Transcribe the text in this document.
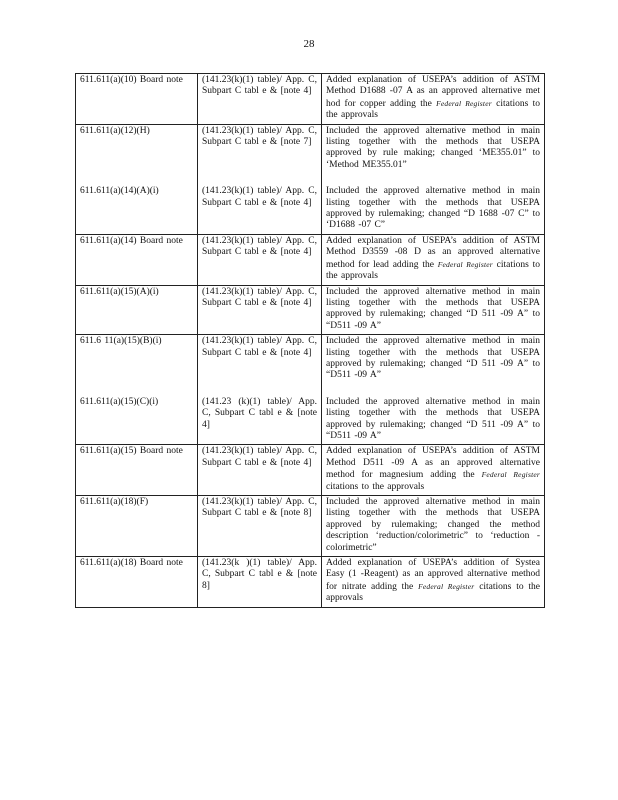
28
611.611(a)(10) Board note	(141.23(k)(1) table)/ App. C, Subpart C tabl e & [note 4]	Added explanation of USEPA’s addition of ASTM Method D1688 -07 A as an approved alternative met hod for copper adding the Federal Register citations to the approvals
611.611(a)(12)(H)	(141.23(k)(1) table)/ App. C, Subpart C tabl e & [note 7]	Included the approved alternative method in main listing together with the methods that USEPA approved by rule making; changed ‘ME355.01” to ‘Method ME355.01”

611.611(a)(14)(A)(i)	(141.23(k)(1) table)/ App. C, Subpart C tabl e & [note 4]	Included the approved alternative method in main listing together with the methods that USEPA approved by rulemaking; changed “D 1688 -07 C” to ‘D1688 -07 C”
611.611(a)(14) Board note	(141.23(k)(1) table)/ App. C, Subpart C tabl e & [note 4]	Added explanation of USEPA’s addition of ASTM Method D3559 -08 D as an approved alternative method for lead adding the Federal Register citations to the approvals
611.611(a)(15)(A)(i)	(141.23(k)(1) table)/ App. C, Subpart C tabl e & [note 4]	Included the approved alternative method in main listing together with the methods that USEPA approved by rulemaking; changed “D 511 -09 A” to “D511 -09 A”
611.6 11(a)(15)(B)(i)	(141.23(k)(1) table)/ App. C, Subpart C tabl e & [note 4]	Included the approved alternative method in main listing together with the methods that USEPA approved by rulemaking; changed “D 511 -09 A” to “D511 -09 A”

611.611(a)(15)(C)(i)	(141.23 (k)(1) table)/ App. C, Subpart C tabl e & [note 4]	Included the approved alternative method in main listing together with the methods that USEPA approved by rulemaking; changed “D 511 -09 A” to “D511 -09 A”
611.611(a)(15) Board note	(141.23(k)(1) table)/ App. C, Subpart C tabl e & [note 4]	Added explanation of USEPA’s addition of ASTM Method D511 -09 A as an approved alternative method for magnesium adding the Federal Register citations to the approvals
611.611(a)(18)(F)	(141.23(k)(1) table)/ App. C, Subpart C tabl e & [note 8]	Included the approved alternative method in main listing together with the methods that USEPA approved by rulemaking; changed the method description ‘reduction/colorimetric” to ‘reduction - colorimetric”
611.611(a)(18) Board note	(141.23(k )(1) table)/ App. C, Subpart C tabl e & [note 8]	Added explanation of USEPA’s addition of Systea Easy (1 -Reagent) as an approved alternative method for nitrate adding the Federal Register citations to the approvals
